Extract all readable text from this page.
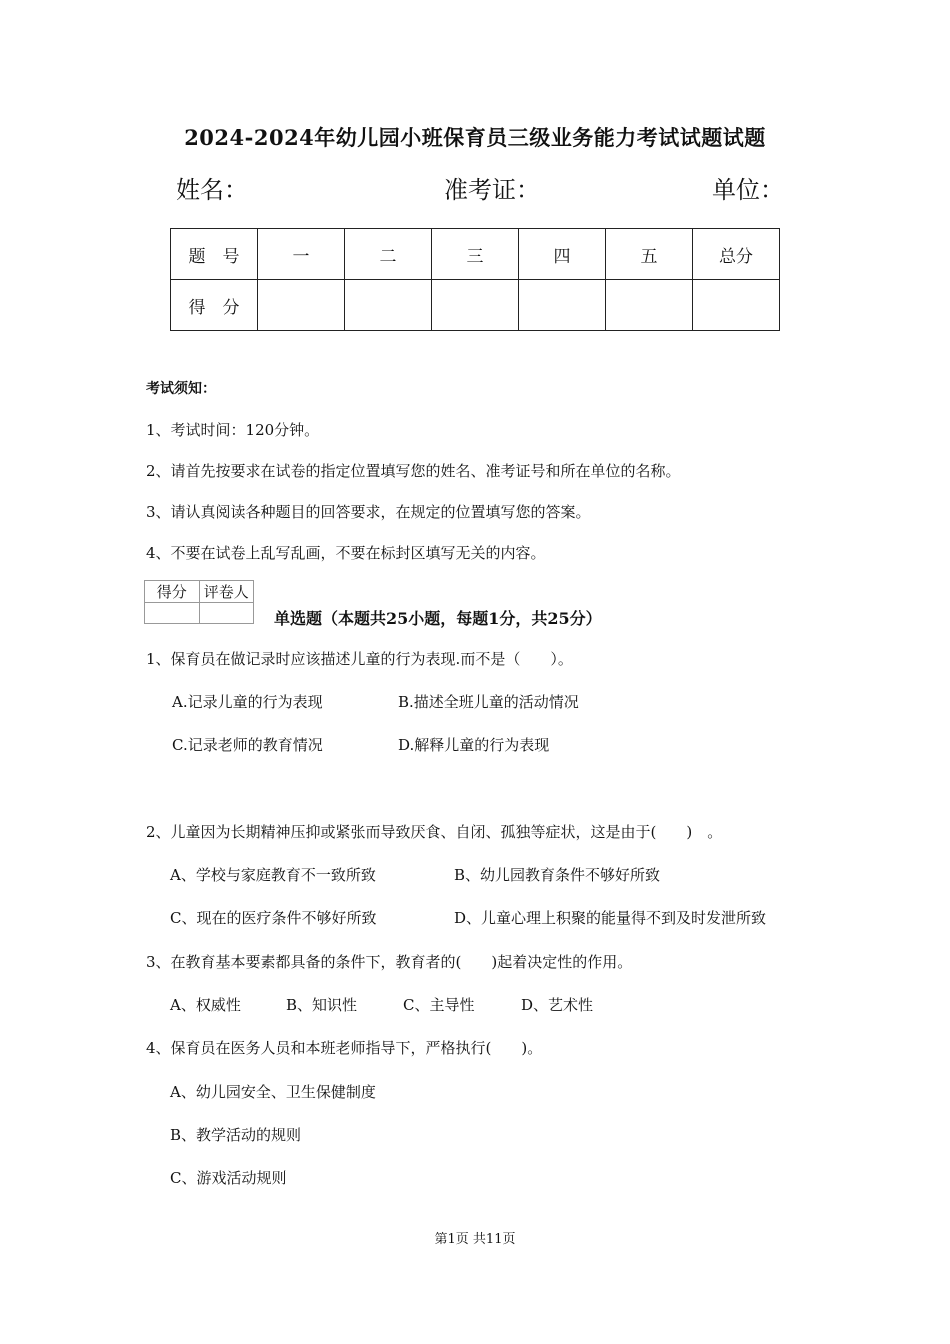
2024-2024年幼儿园小班保育员三级业务能力考试试题试题
姓名：	准考证：	单位：
题　号	一	二	三	四	五	总分
得　分						
考试须知：
1、考试时间：120分钟。
2、请首先按要求在试卷的指定位置填写您的姓名、准考证号和所在单位的名称。
3、请认真阅读各种题目的回答要求，在规定的位置填写您的答案。
4、不要在试卷上乱写乱画，不要在标封区填写无关的内容。
得分	评卷人

单选题（本题共25小题，每题1分，共25分）
1、保育员在做记录时应该描述儿童的行为表现.而不是（　　）。
A.记录儿童的行为表现	B.描述全班儿童的活动情况
C.记录老师的教育情况	D.解释儿童的行为表现
2、儿童因为长期精神压抑或紧张而导致厌食、自闭、孤独等症状，这是由于(　　)　。
A、学校与家庭教育不一致所致	B、幼儿园教育条件不够好所致
C、现在的医疗条件不够好所致	D、儿童心理上积聚的能量得不到及时发泄所致
3、在教育基本要素都具备的条件下，教育者的(　　)起着决定性的作用。
A、权威性	B、知识性	C、主导性	D、艺术性
4、保育员在医务人员和本班老师指导下，严格执行(　　)。
A、幼儿园安全、卫生保健制度
B、教学活动的规则
C、游戏活动规则
第1页 共11页
